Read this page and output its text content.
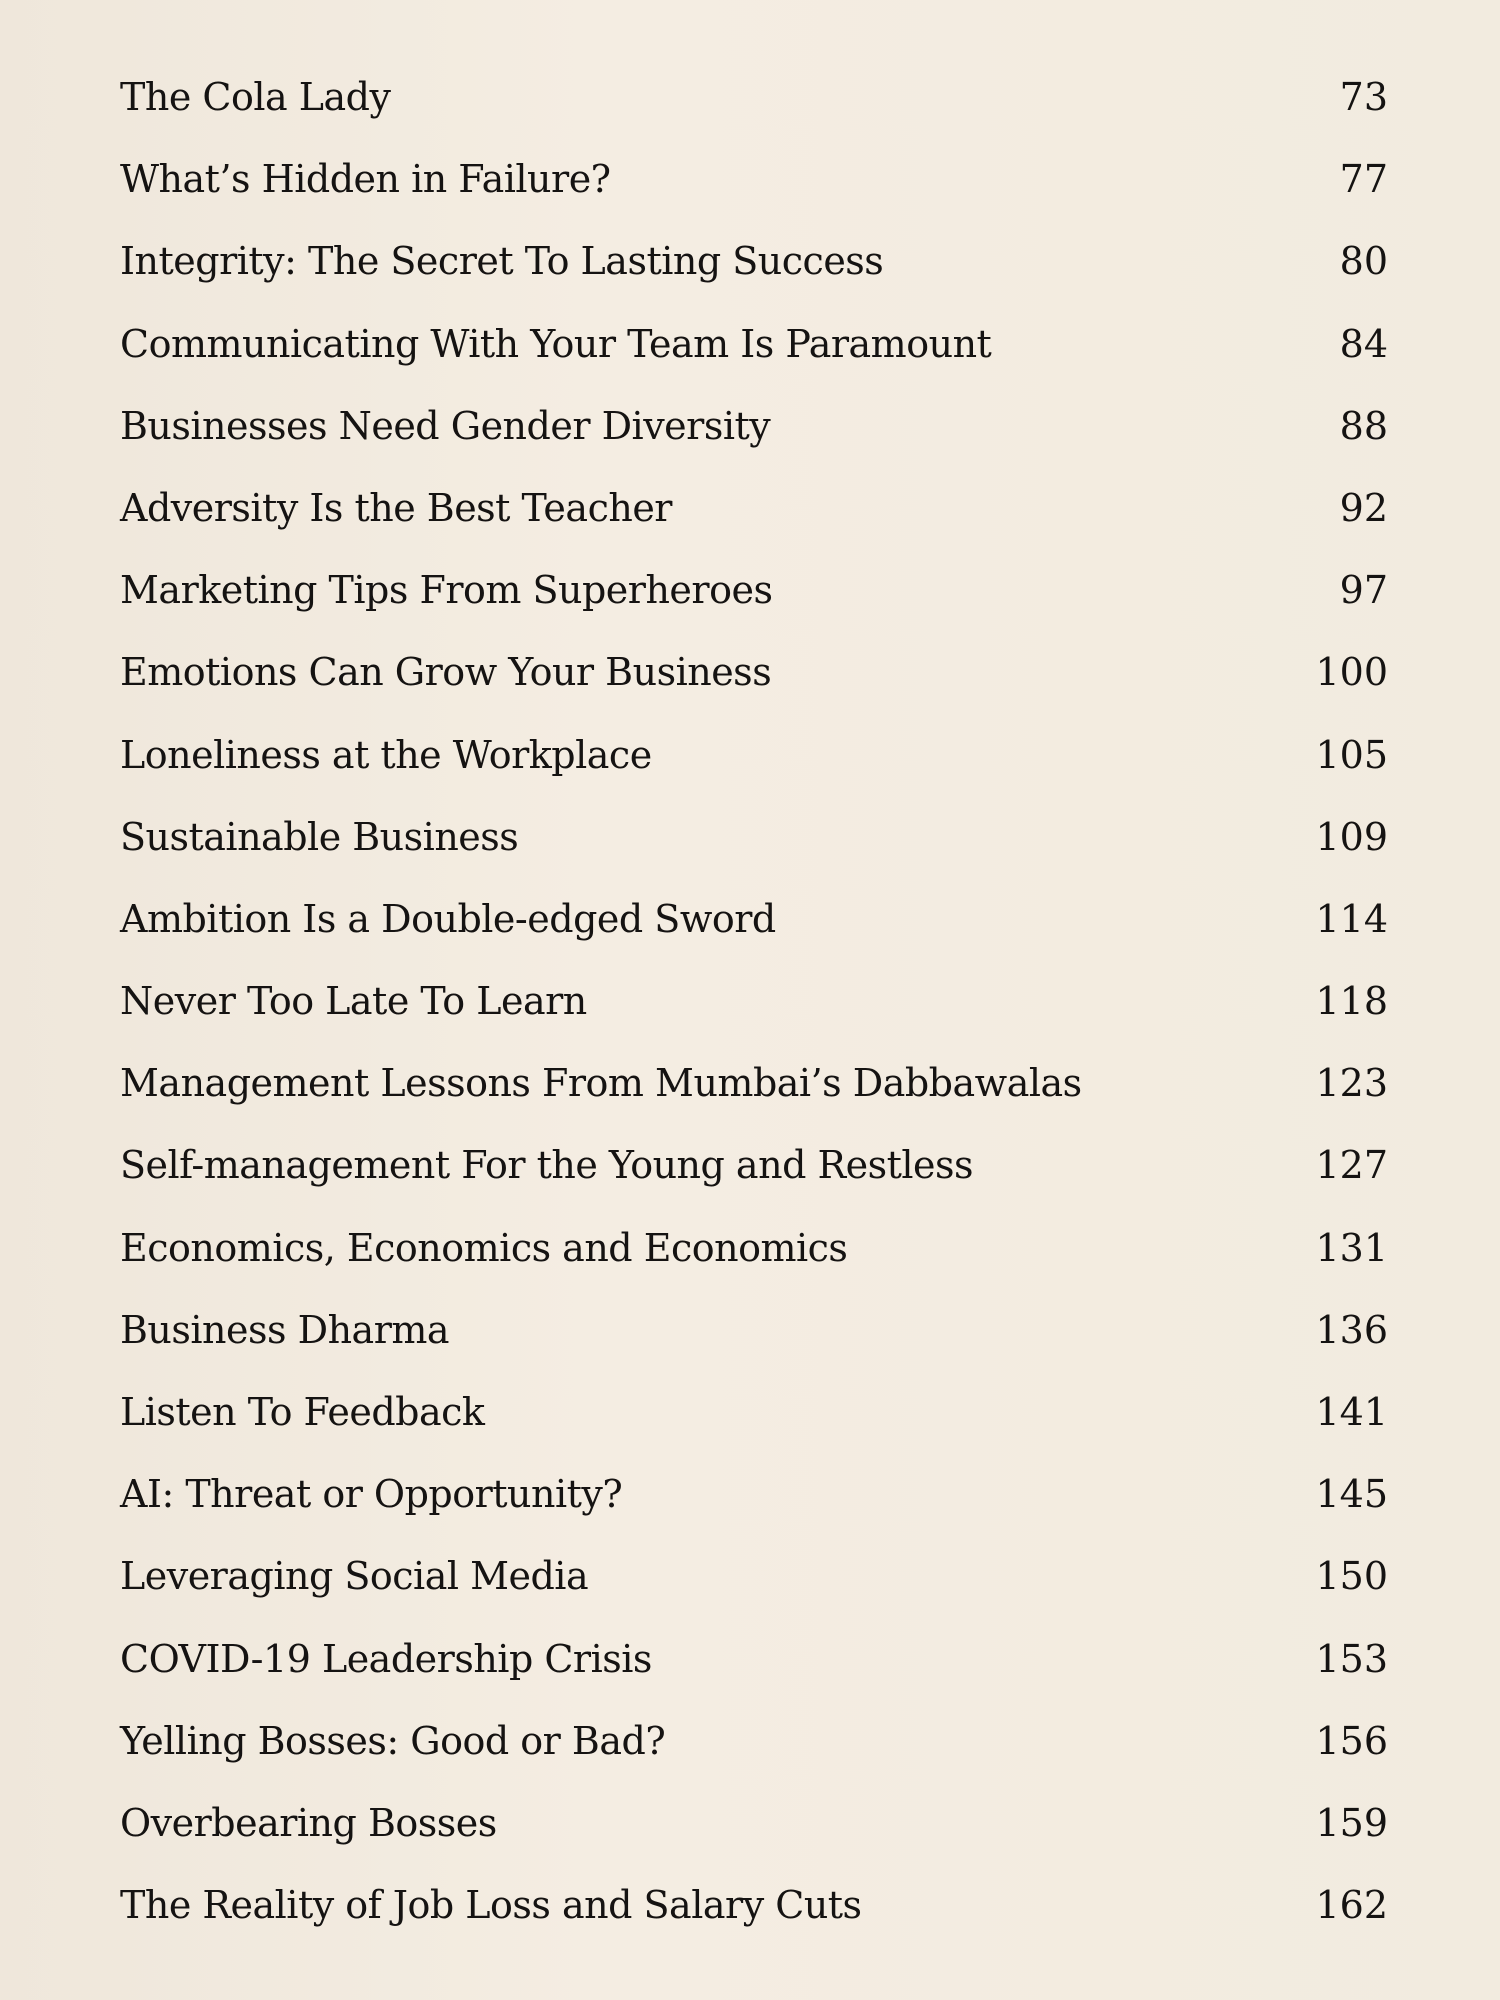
The Cola Lady	73
What’s Hidden in Failure?	77
Integrity: The Secret To Lasting Success	80
Communicating With Your Team Is Paramount	84
Businesses Need Gender Diversity	88
Adversity Is the Best Teacher	92
Marketing Tips From Superheroes	97
Emotions Can Grow Your Business	100
Loneliness at the Workplace	105
Sustainable Business	109
Ambition Is a Double-edged Sword	114
Never Too Late To Learn	118
Management Lessons From Mumbai’s Dabbawalas	123
Self-management For the Young and Restless	127
Economics, Economics and Economics	131
Business Dharma	136
Listen To Feedback	141
AI: Threat or Opportunity?	145
Leveraging Social Media	150
COVID-19 Leadership Crisis	153
Yelling Bosses: Good or Bad?	156
Overbearing Bosses	159
The Reality of Job Loss and Salary Cuts	162
